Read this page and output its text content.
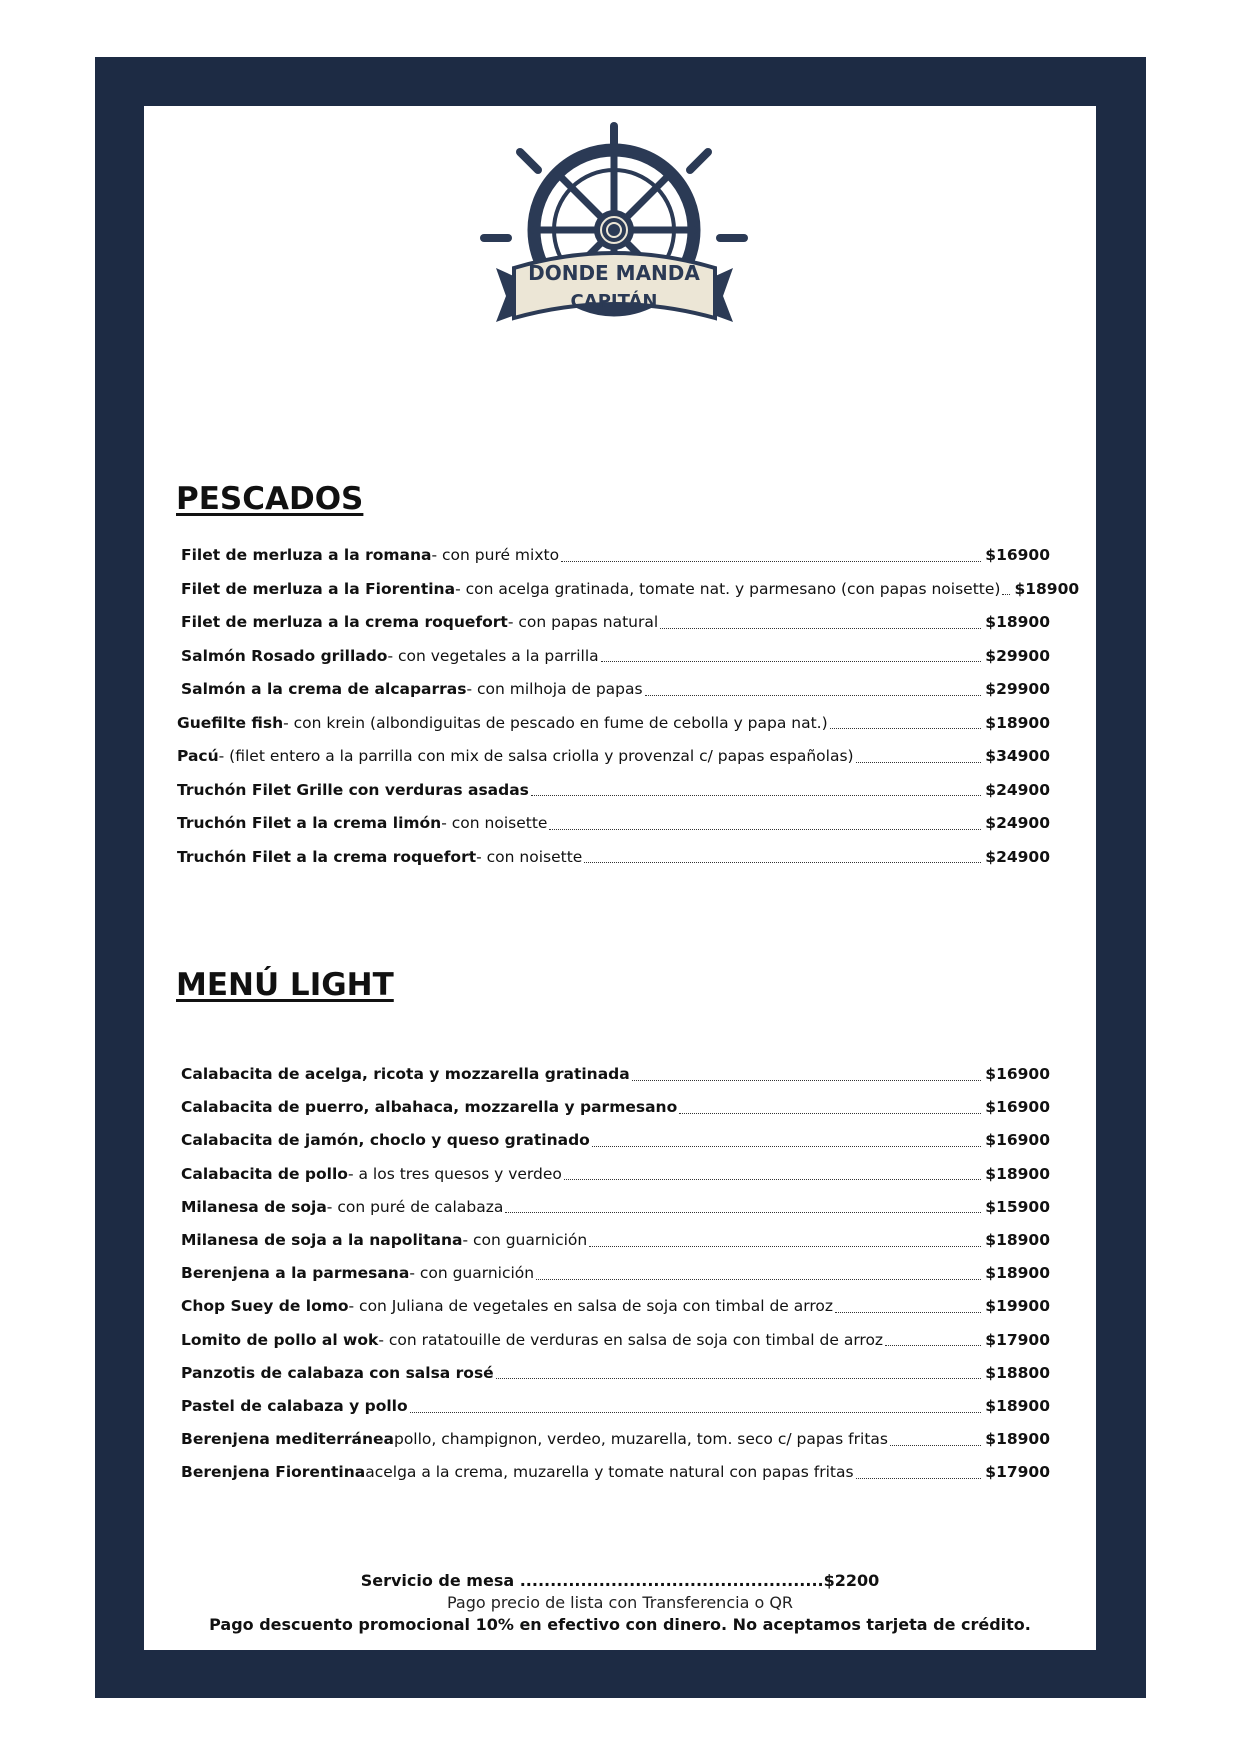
DONDE MANDA
CAPITÁN
PESCADOS
MENÚ LIGHT
Filet de merluza a la romana - con puré mixto	$16900
Filet de merluza a la Fiorentina - con acelga gratinada, tomate nat. y parmesano (con papas noisette) $18900
Filet de merluza a la crema roquefort - con papas natural	$18900
Salmón Rosado grillado - con vegetales a la parrilla	$29900
Salmón a la crema de alcaparras - con milhoja de papas	$29900
Guefilte fish - con krein (albondiguitas de pescado en fume de cebolla y papa nat.)	$18900
Pacú - (filet entero a la parrilla con mix de salsa criolla y provenzal c/ papas españolas)	$34900
Truchón Filet Grille con verduras asadas	$24900
Truchón Filet a la crema limón - con noisette	$24900
Truchón Filet a la crema roquefort - con noisette	$24900
Calabacita de acelga, ricota y mozzarella gratinada	$16900
Calabacita de puerro, albahaca, mozzarella y parmesano	$16900
Calabacita de jamón, choclo y queso gratinado	$16900
Calabacita de pollo - a los tres quesos y verdeo	$18900
Milanesa de soja - con puré de calabaza	$15900
Milanesa de soja a la napolitana - con guarnición	$18900
Berenjena a la parmesana - con guarnición	$18900
Chop Suey de lomo - con Juliana de vegetales en salsa de soja con timbal de arroz	$19900
Lomito de pollo al wok - con ratatouille de verduras en salsa de soja con timbal de arroz	$17900
Panzotis de calabaza con salsa rosé	$18800
Pastel de calabaza y pollo	$18900
Berenjena mediterránea pollo, champignon, verdeo, muzarella, tom. seco c/ papas fritas	$18900
Berenjena Fiorentina acelga a la crema, muzarella y tomate natural con papas fritas	$17900
Servicio de mesa ..................................................$2200
Pago precio de lista con Transferencia o QR
Pago descuento promocional 10% en efectivo con dinero. No aceptamos tarjeta de crédito.
